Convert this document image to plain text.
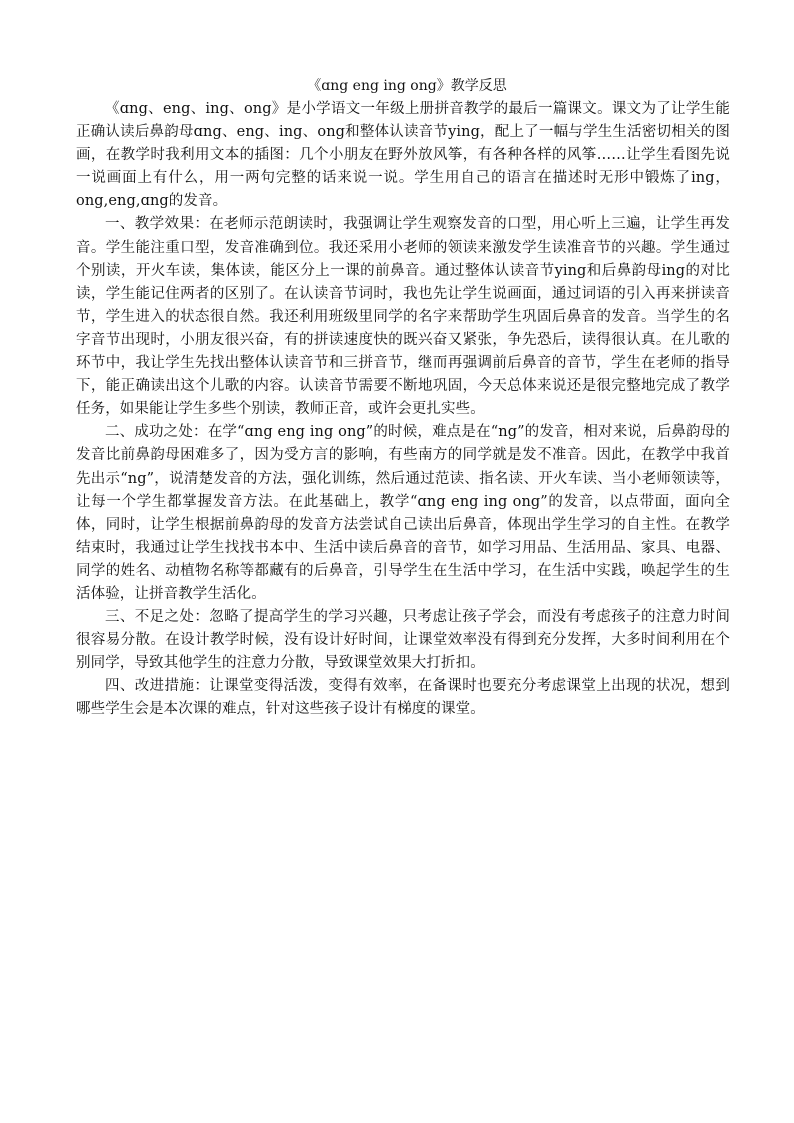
《ɑng eng ing ong》教学反思

《ɑng、eng、ing、ong》是小学语文一年级上册拼音教学的最后一篇课文。课文为了让学生能正确认读后鼻韵母ɑng、eng、ing、ong和整体认读音节ying，配上了一幅与学生生活密切相关的图画，在教学时我利用文本的插图：几个小朋友在野外放风筝，有各种各样的风筝……让学生看图先说一说画面上有什么，用一两句完整的话来说一说。学生用自己的语言在描述时无形中锻炼了ing，ong,eng,ɑng的发音。

一、教学效果：在老师示范朗读时，我强调让学生观察发音的口型，用心听上三遍，让学生再发音。学生能注重口型，发音准确到位。我还采用小老师的领读来激发学生读准音节的兴趣。学生通过个别读，开火车读，集体读，能区分上一课的前鼻音。通过整体认读音节ying和后鼻韵母ing的对比读，学生能记住两者的区别了。在认读音节词时，我也先让学生说画面，通过词语的引入再来拼读音节，学生进入的状态很自然。我还利用班级里同学的名字来帮助学生巩固后鼻音的发音。当学生的名字音节出现时，小朋友很兴奋，有的拼读速度快的既兴奋又紧张，争先恐后，读得很认真。在儿歌的环节中，我让学生先找出整体认读音节和三拼音节，继而再强调前后鼻音的音节，学生在老师的指导下，能正确读出这个儿歌的内容。认读音节需要不断地巩固，今天总体来说还是很完整地完成了教学任务，如果能让学生多些个别读，教师正音，或许会更扎实些。

二、成功之处：在学“ɑng eng ing ong”的时候，难点是在“ng”的发音，相对来说，后鼻韵母的发音比前鼻韵母困难多了，因为受方言的影响，有些南方的同学就是发不准音。因此，在教学中我首先出示“ng”，说清楚发音的方法，强化训练，然后通过范读、指名读、开火车读、当小老师领读等，让每一个学生都掌握发音方法。在此基础上，教学“ɑng eng ing ong”的发音，以点带面，面向全体，同时，让学生根据前鼻韵母的发音方法尝试自己读出后鼻音，体现出学生学习的自主性。在教学结束时，我通过让学生找找书本中、生活中读后鼻音的音节，如学习用品、生活用品、家具、电器、同学的姓名、动植物名称等都藏有的后鼻音，引导学生在生活中学习，在生活中实践，唤起学生的生活体验，让拼音教学生活化。

三、不足之处：忽略了提高学生的学习兴趣，只考虑让孩子学会，而没有考虑孩子的注意力时间很容易分散。在设计教学时候，没有设计好时间，让课堂效率没有得到充分发挥，大多时间利用在个别同学，导致其他学生的注意力分散，导致课堂效果大打折扣。

四、改进措施：让课堂变得活泼，变得有效率，在备课时也要充分考虑课堂上出现的状况，想到哪些学生会是本次课的难点，针对这些孩子设计有梯度的课堂。
